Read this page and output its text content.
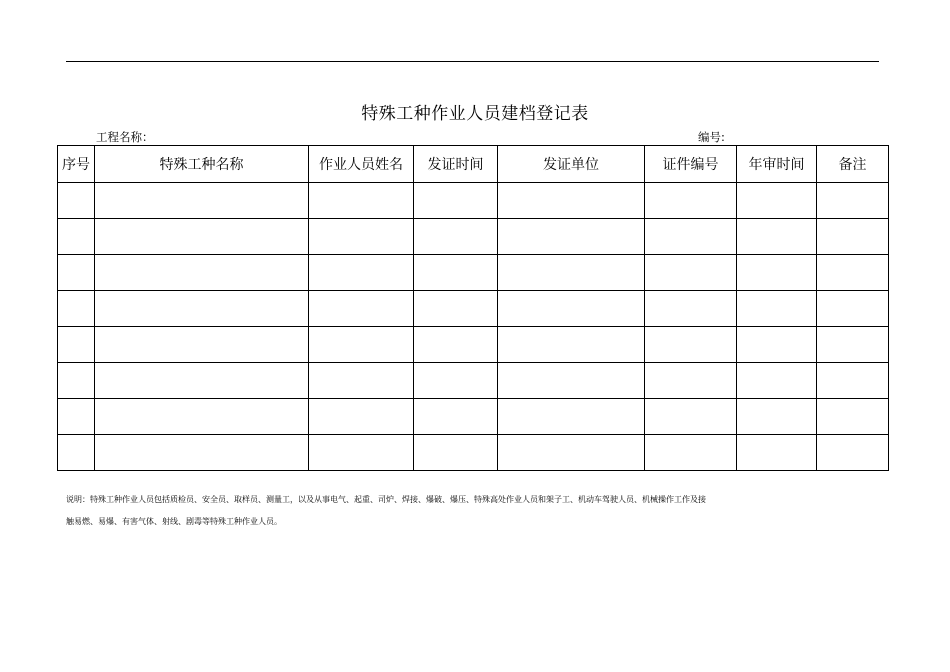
特殊工种作业人员建档登记表
工程名称：	编号:
序号	特殊工种名称	作业人员姓名	发证时间	发证单位	证件编号	年审时间	备注

说明：特殊工种作业人员包括质检员、安全员、取样员、测量工，以及从事电气、起重、司炉、焊接、爆破、爆压、特殊高处作业人员和架子工、机动车驾驶人员、机械操作工作及接
触易燃、易爆、有害气体、射线、剧毒等特殊工种作业人员。
